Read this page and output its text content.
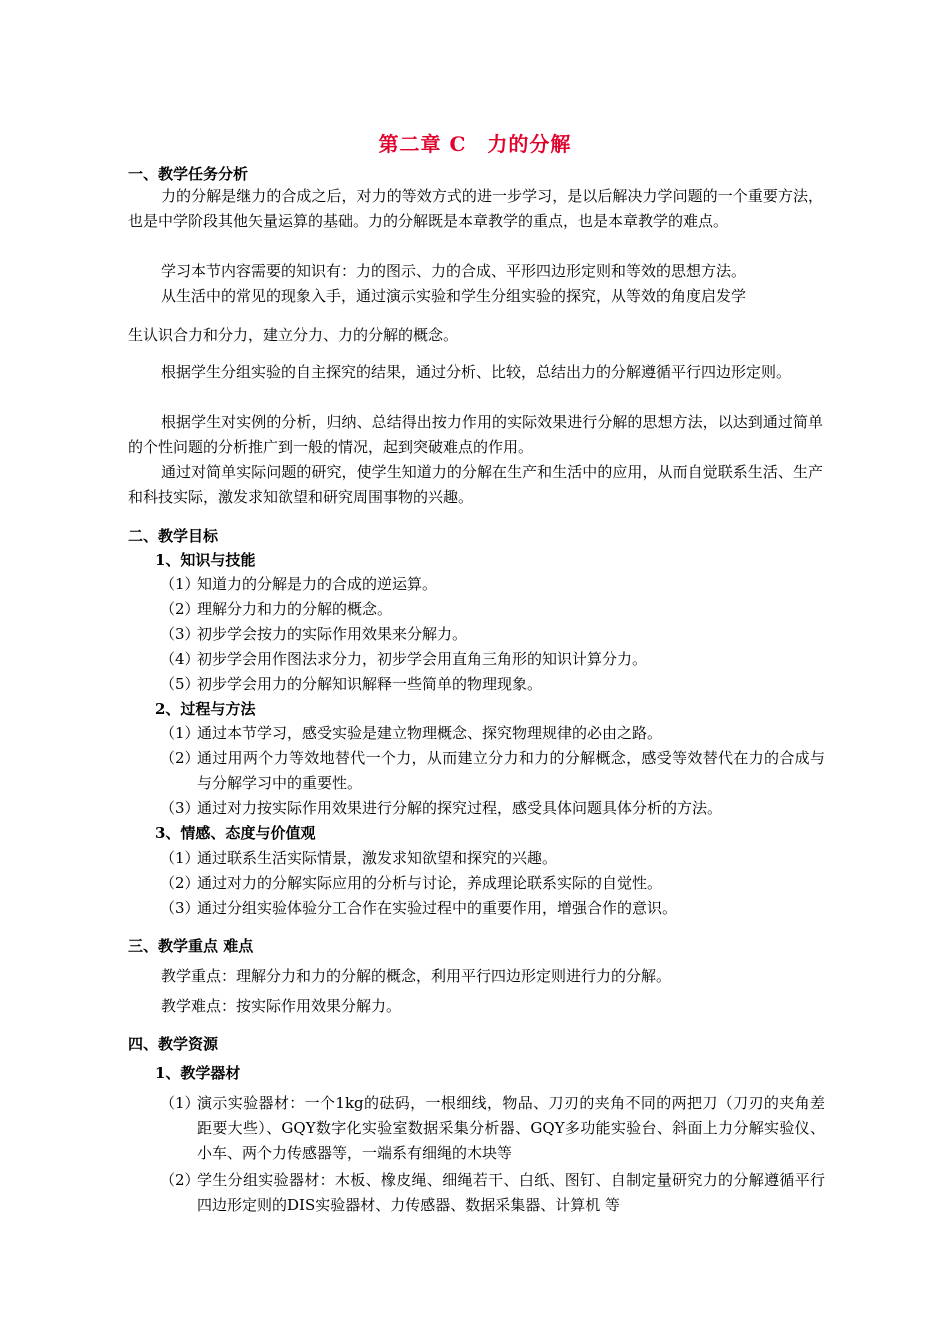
第二章 C　力的分解
一、教学任务分析
力的分解是继力的合成之后，对力的等效方式的进一步学习，是以后解决力学问题的一个重要方法，也是中学阶段其他矢量运算的基础。力的分解既是本章教学的重点，也是本章教学的难点。
学习本节内容需要的知识有：力的图示、力的合成、平形四边形定则和等效的思想方法。
从生活中的常见的现象入手，通过演示实验和学生分组实验的探究，从等效的角度启发学
生认识合力和分力，建立分力、力的分解的概念。
根据学生分组实验的自主探究的结果，通过分析、比较，总结出力的分解遵循平行四边形定则。
根据学生对实例的分析，归纳、总结得出按力作用的实际效果进行分解的思想方法，以达到通过简单的个性问题的分析推广到一般的情况，起到突破难点的作用。
通过对简单实际问题的研究，使学生知道力的分解在生产和生活中的应用，从而自觉联系生活、生产和科技实际，激发求知欲望和研究周围事物的兴趣。
二、教学目标
1、知识与技能
（1）
知道力的分解是力的合成的逆运算。
（2）
理解分力和力的分解的概念。
（3）
初步学会按力的实际作用效果来分解力。
（4）
初步学会用作图法求分力，初步学会用直角三角形的知识计算分力。
（5）
初步学会用力的分解知识解释一些简单的物理现象。
2、过程与方法
（1）
通过本节学习，感受实验是建立物理概念、探究物理规律的必由之路。
（2）
通过用两个力等效地替代一个力，从而建立分力和力的分解概念，感受等效替代在力的合成与与分解学习中的重要性。
（3）
通过对力按实际作用效果进行分解的探究过程，感受具体问题具体分析的方法。
3、情感、态度与价值观
（1）
通过联系生活实际情景，激发求知欲望和探究的兴趣。
（2）
通过对力的分解实际应用的分析与讨论，养成理论联系实际的自觉性。
（3）
通过分组实验体验分工合作在实验过程中的重要作用，增强合作的意识。
三、教学重点 难点
教学重点：理解分力和力的分解的概念，利用平行四边形定则进行力的分解。
教学难点：按实际作用效果分解力。
四、教学资源
1、教学器材
（1）
演示实验器材：一个1kg的砝码，一根细线，物品、刀刃的夹角不同的两把刀（刀刃的夹角差距要大些）、GQY数字化实验室数据采集分析器、GQY多功能实验台、斜面上力分解实验仪、小车、两个力传感器等，一端系有细绳的木块等
（2）
学生分组实验器材：木板、橡皮绳、细绳若干、白纸、图钉、自制定量研究力的分解遵循平行四边形定则的DIS实验器材、力传感器、数据采集器、计算机 等
